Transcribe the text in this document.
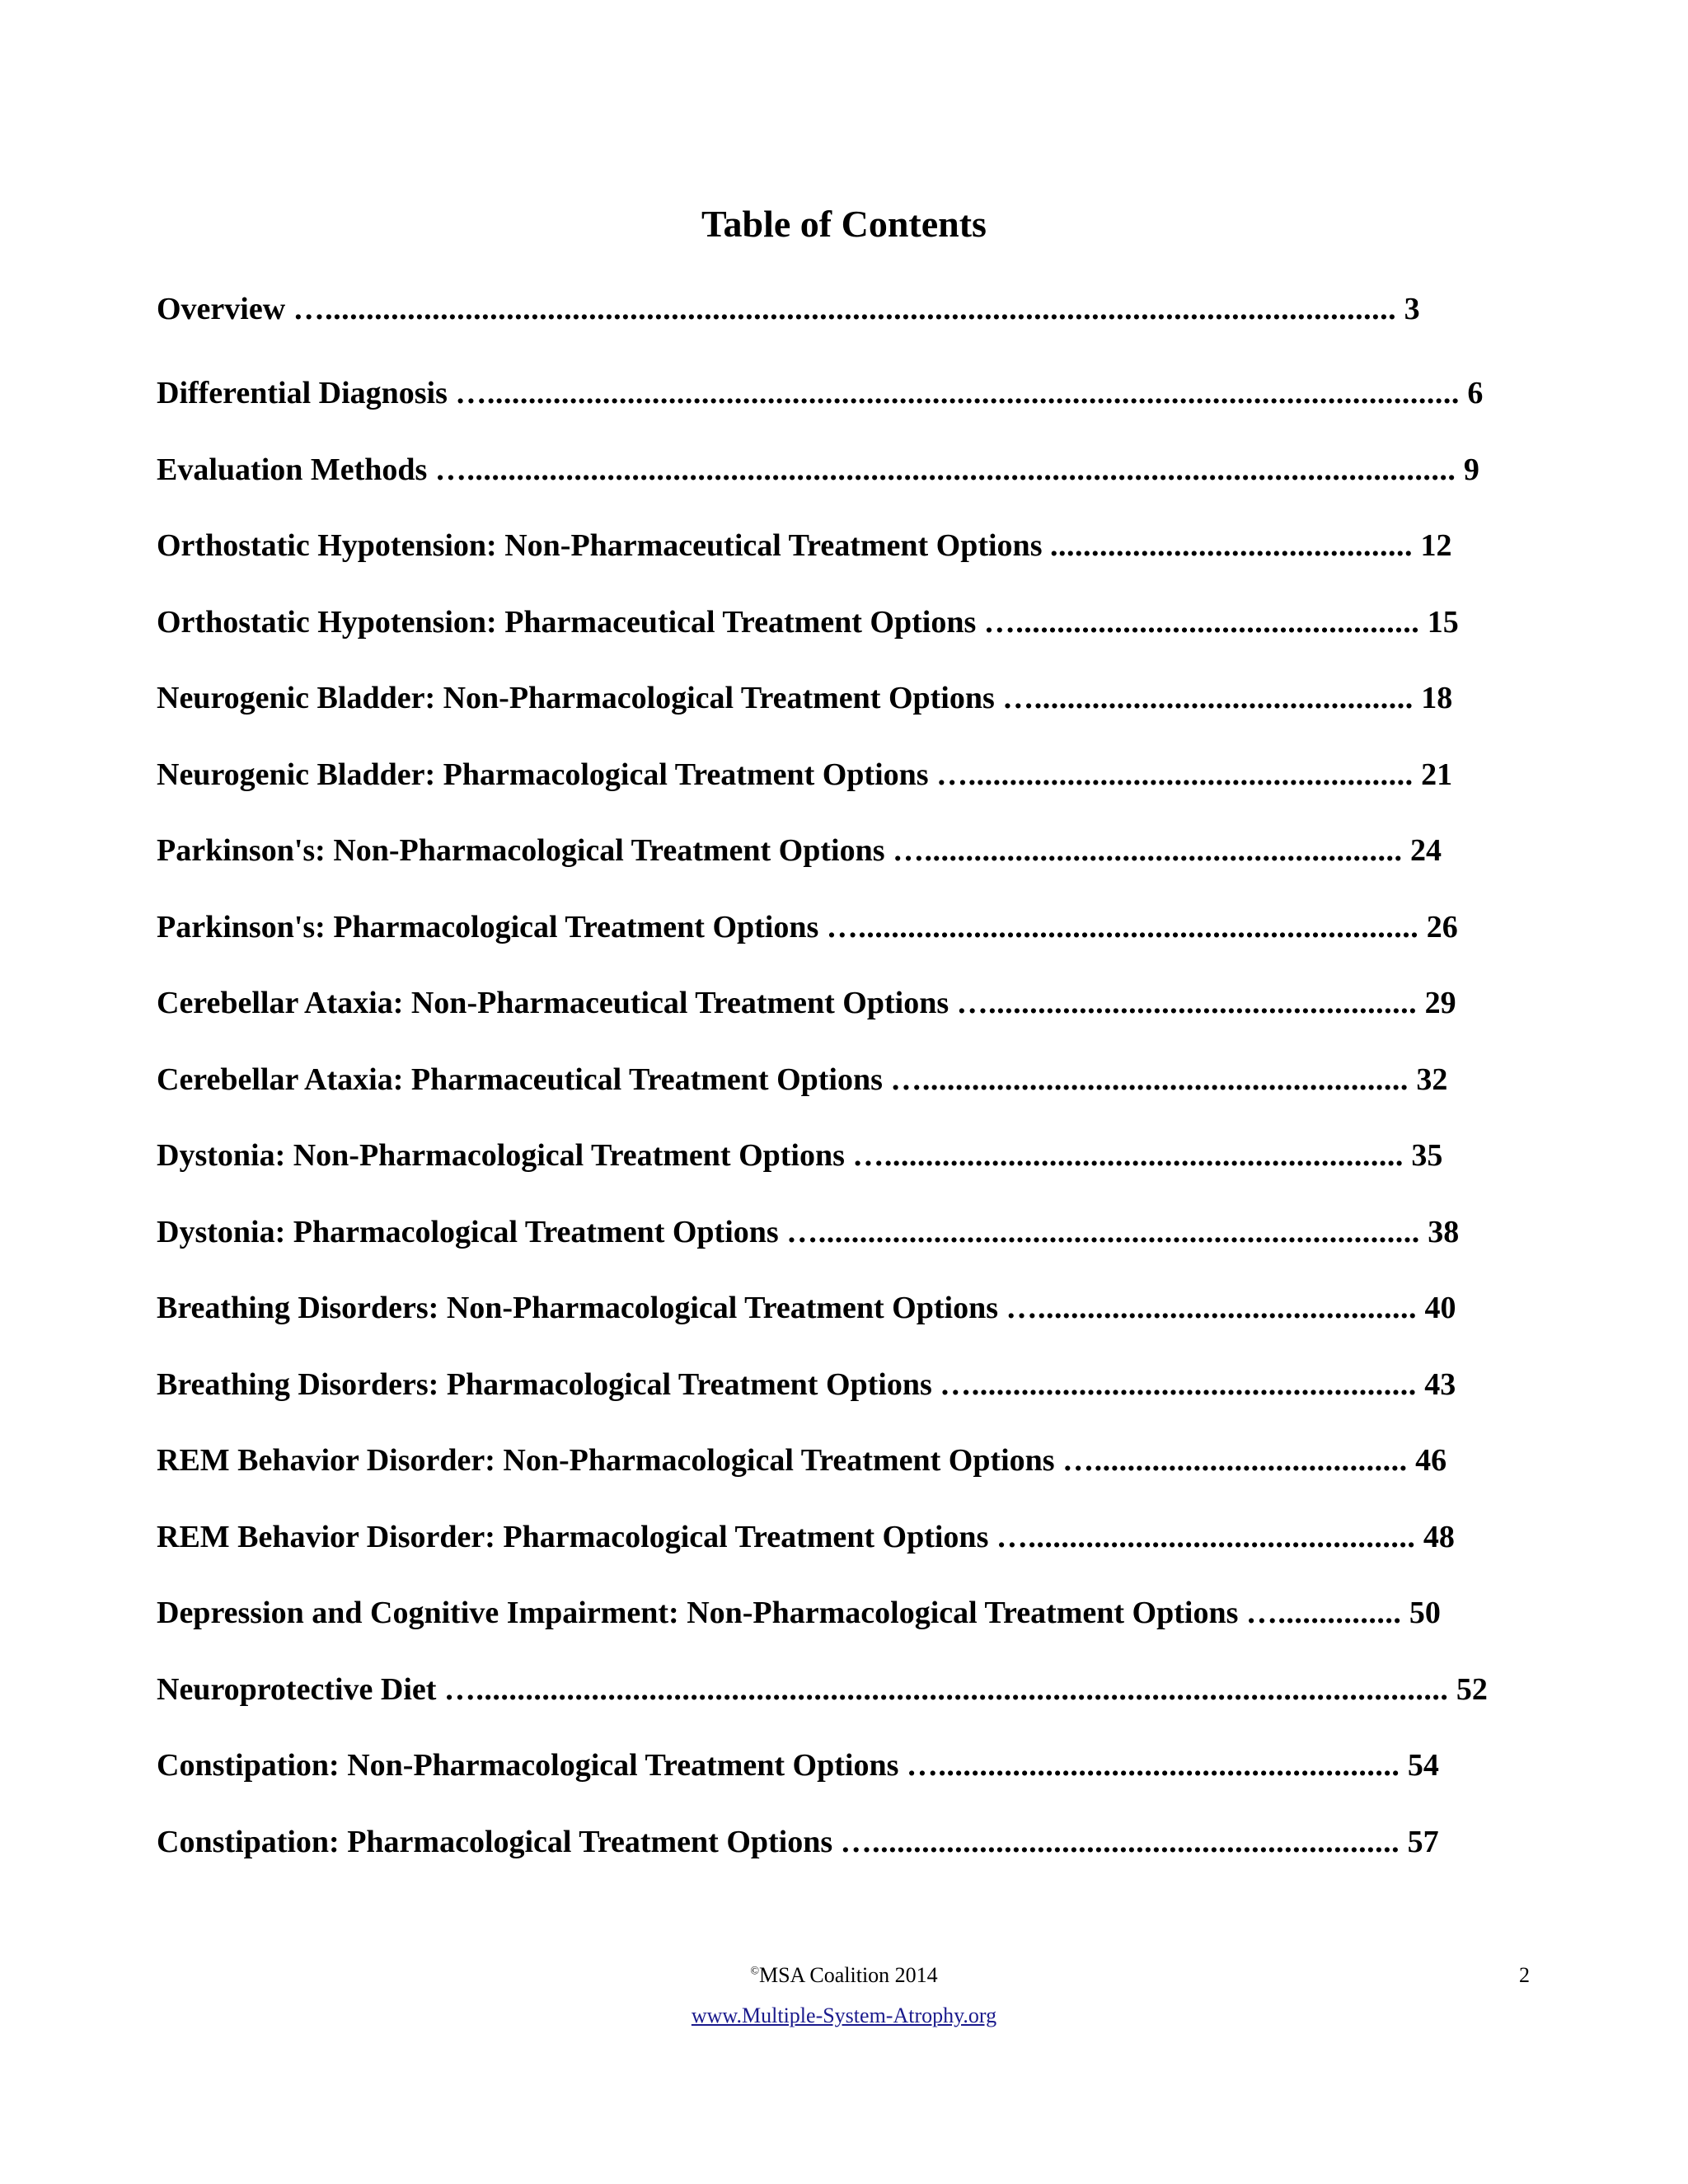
Table of Contents
Overview ….................................................................................................................................. 3
Differential Diagnosis …...................................................................................................................... 6
Evaluation Methods …........................................................................................................................ 9
Orthostatic Hypotension: Non-Pharmaceutical Treatment Options ............................................ 12
Orthostatic Hypotension: Pharmaceutical Treatment Options …................................................. 15
Neurogenic Bladder: Non-Pharmacological Treatment Options ….............................................. 18
Neurogenic Bladder: Pharmacological Treatment Options …...................................................... 21
Parkinson's: Non-Pharmacological Treatment Options ….......................................................... 24
Parkinson's: Pharmacological Treatment Options ….................................................................... 26
Cerebellar Ataxia: Non-Pharmaceutical Treatment Options ….................................................... 29
Cerebellar Ataxia: Pharmaceutical Treatment Options …........................................................... 32
Dystonia: Non-Pharmacological Treatment Options …............................................................... 35
Dystonia: Pharmacological Treatment Options …......................................................................... 38
Breathing Disorders: Non-Pharmacological Treatment Options ….............................................. 40
Breathing Disorders: Pharmacological Treatment Options …...................................................... 43
REM Behavior Disorder: Non-Pharmacological Treatment Options …...................................... 46
REM Behavior Disorder: Pharmacological Treatment Options …............................................... 48
Depression and Cognitive Impairment: Non-Pharmacological Treatment Options …............... 50
Neuroprotective Diet …...................................................................................................................... 52
Constipation: Non-Pharmacological Treatment Options …........................................................ 54
Constipation: Pharmacological Treatment Options …................................................................ 57
©MSA Coalition 2014	2
www.Multiple-System-Atrophy.org
